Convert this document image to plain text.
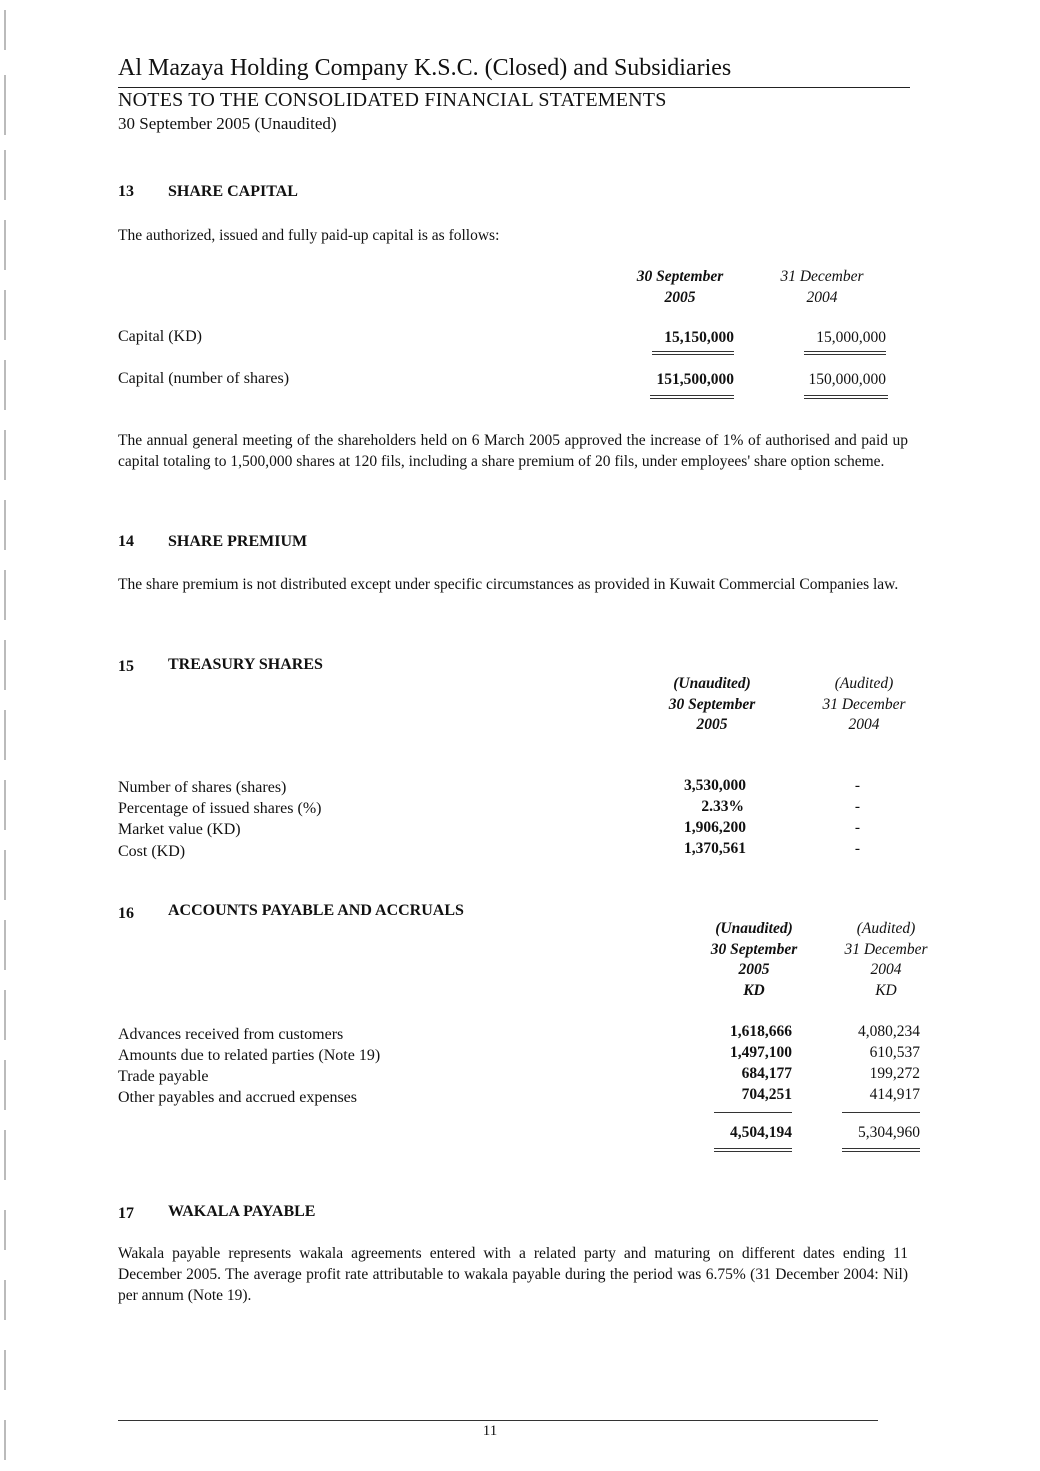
Al Mazaya Holding Company K.S.C. (Closed) and Subsidiaries
NOTES TO THE CONSOLIDATED FINANCIAL STATEMENTS
30 September 2005 (Unaudited)
13 SHARE CAPITAL
The authorized, issued and fully paid-up capital is as follows:
30 September
2005
31 December
2004
Capital (KD)	15,150,000	15,000,000
Capital (number of shares)	151,500,000	150,000,000
The annual general meeting of the shareholders held on 6 March 2005 approved the increase of 1% of authorised and paid up capital totaling to 1,500,000 shares at 120 fils, including a share premium of 20 fils, under employees' share option scheme.
14 SHARE PREMIUM
The share premium is not distributed except under specific circumstances as provided in Kuwait Commercial Companies law.
15 TREASURY SHARES
(Unaudited)
30 September
2005
(Audited)
31 December
2004
Number of shares (shares)	3,530,000	-
Percentage of issued shares (%)	2.33%	-
Market value (KD)	1,906,200	-
Cost (KD)	1,370,561	-
16 ACCOUNTS PAYABLE AND ACCRUALS
(Unaudited)
30 September
2005
KD
(Audited)
31 December
2004
KD
Advances received from customers	1,618,666	4,080,234
Amounts due to related parties (Note 19)	1,497,100	610,537
Trade payable	684,177	199,272
Other payables and accrued expenses	704,251	414,917
4,504,194	5,304,960
17 WAKALA PAYABLE
Wakala payable represents wakala agreements entered with a related party and maturing on different dates ending 11 December 2005. The average profit rate attributable to wakala payable during the period was 6.75% (31 December 2004: Nil) per annum (Note 19).
11
